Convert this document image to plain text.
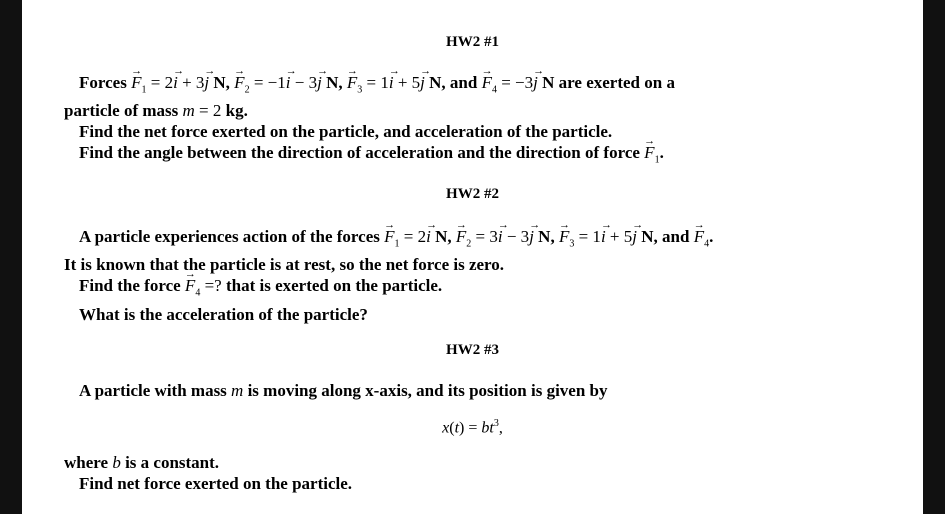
HW2 #1
Forces → $F_1 = 2\to i + 3\to j$ N, → $F_2 = -1\to i - 3\to j$ N, → $F_3 = 1\to i + 5\to j$ N, and → $F_4 = -3\to j$ N are exerted on a
particle of mass m = 2 kg.
Find the net force exerted on the particle, and acceleration of the particle.
Find the angle between the direction of acceleration and the direction of force → $F_1$.
HW2 #2
A particle experiences action of the forces → $F_1 = 2\to i$ N, → $F_2 = 3\to i - 3\to j$ N, → $F_3 = 1\to i + 5\to j$ N, and → $F_4$.
It is known that the particle is at rest, so the net force is zero.
Find the force → $F_4$ =? that is exerted on the particle.
What is the acceleration of the particle?
HW2 #3
A particle with mass m is moving along x-axis, and its position is given by
$x(t) = bt^3$,
where b is a constant.
Find net force exerted on the particle.
